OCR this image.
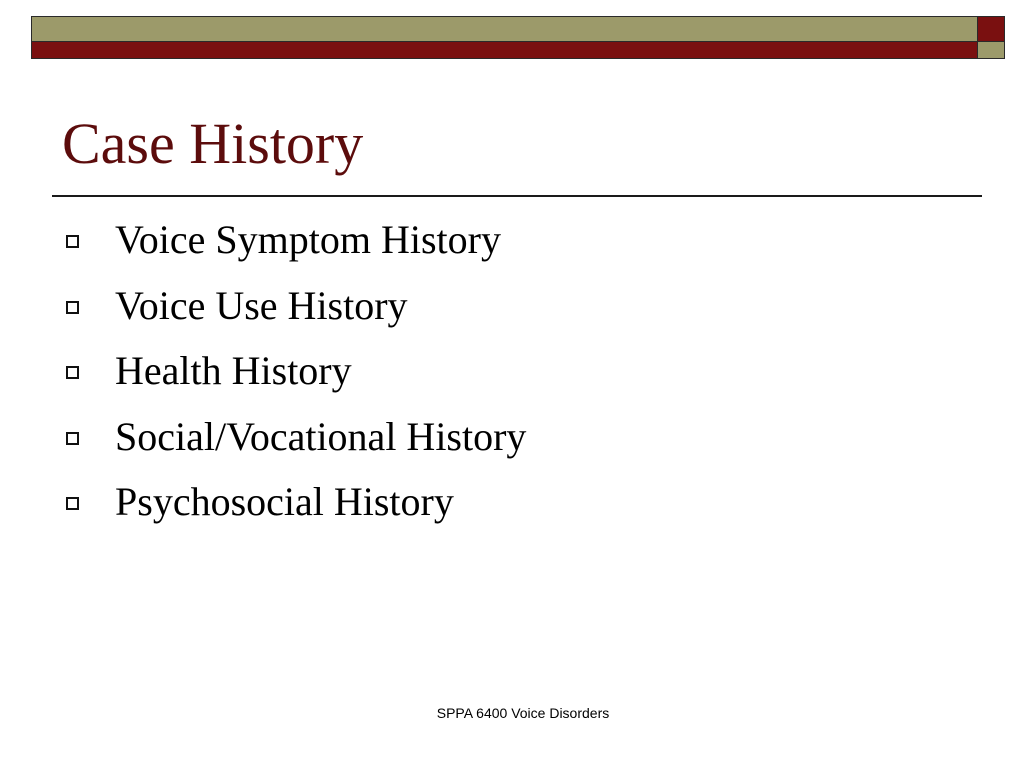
Case History
Voice Symptom History
Voice Use History
Health History
Social/Vocational History
Psychosocial History
SPPA 6400 Voice Disorders
